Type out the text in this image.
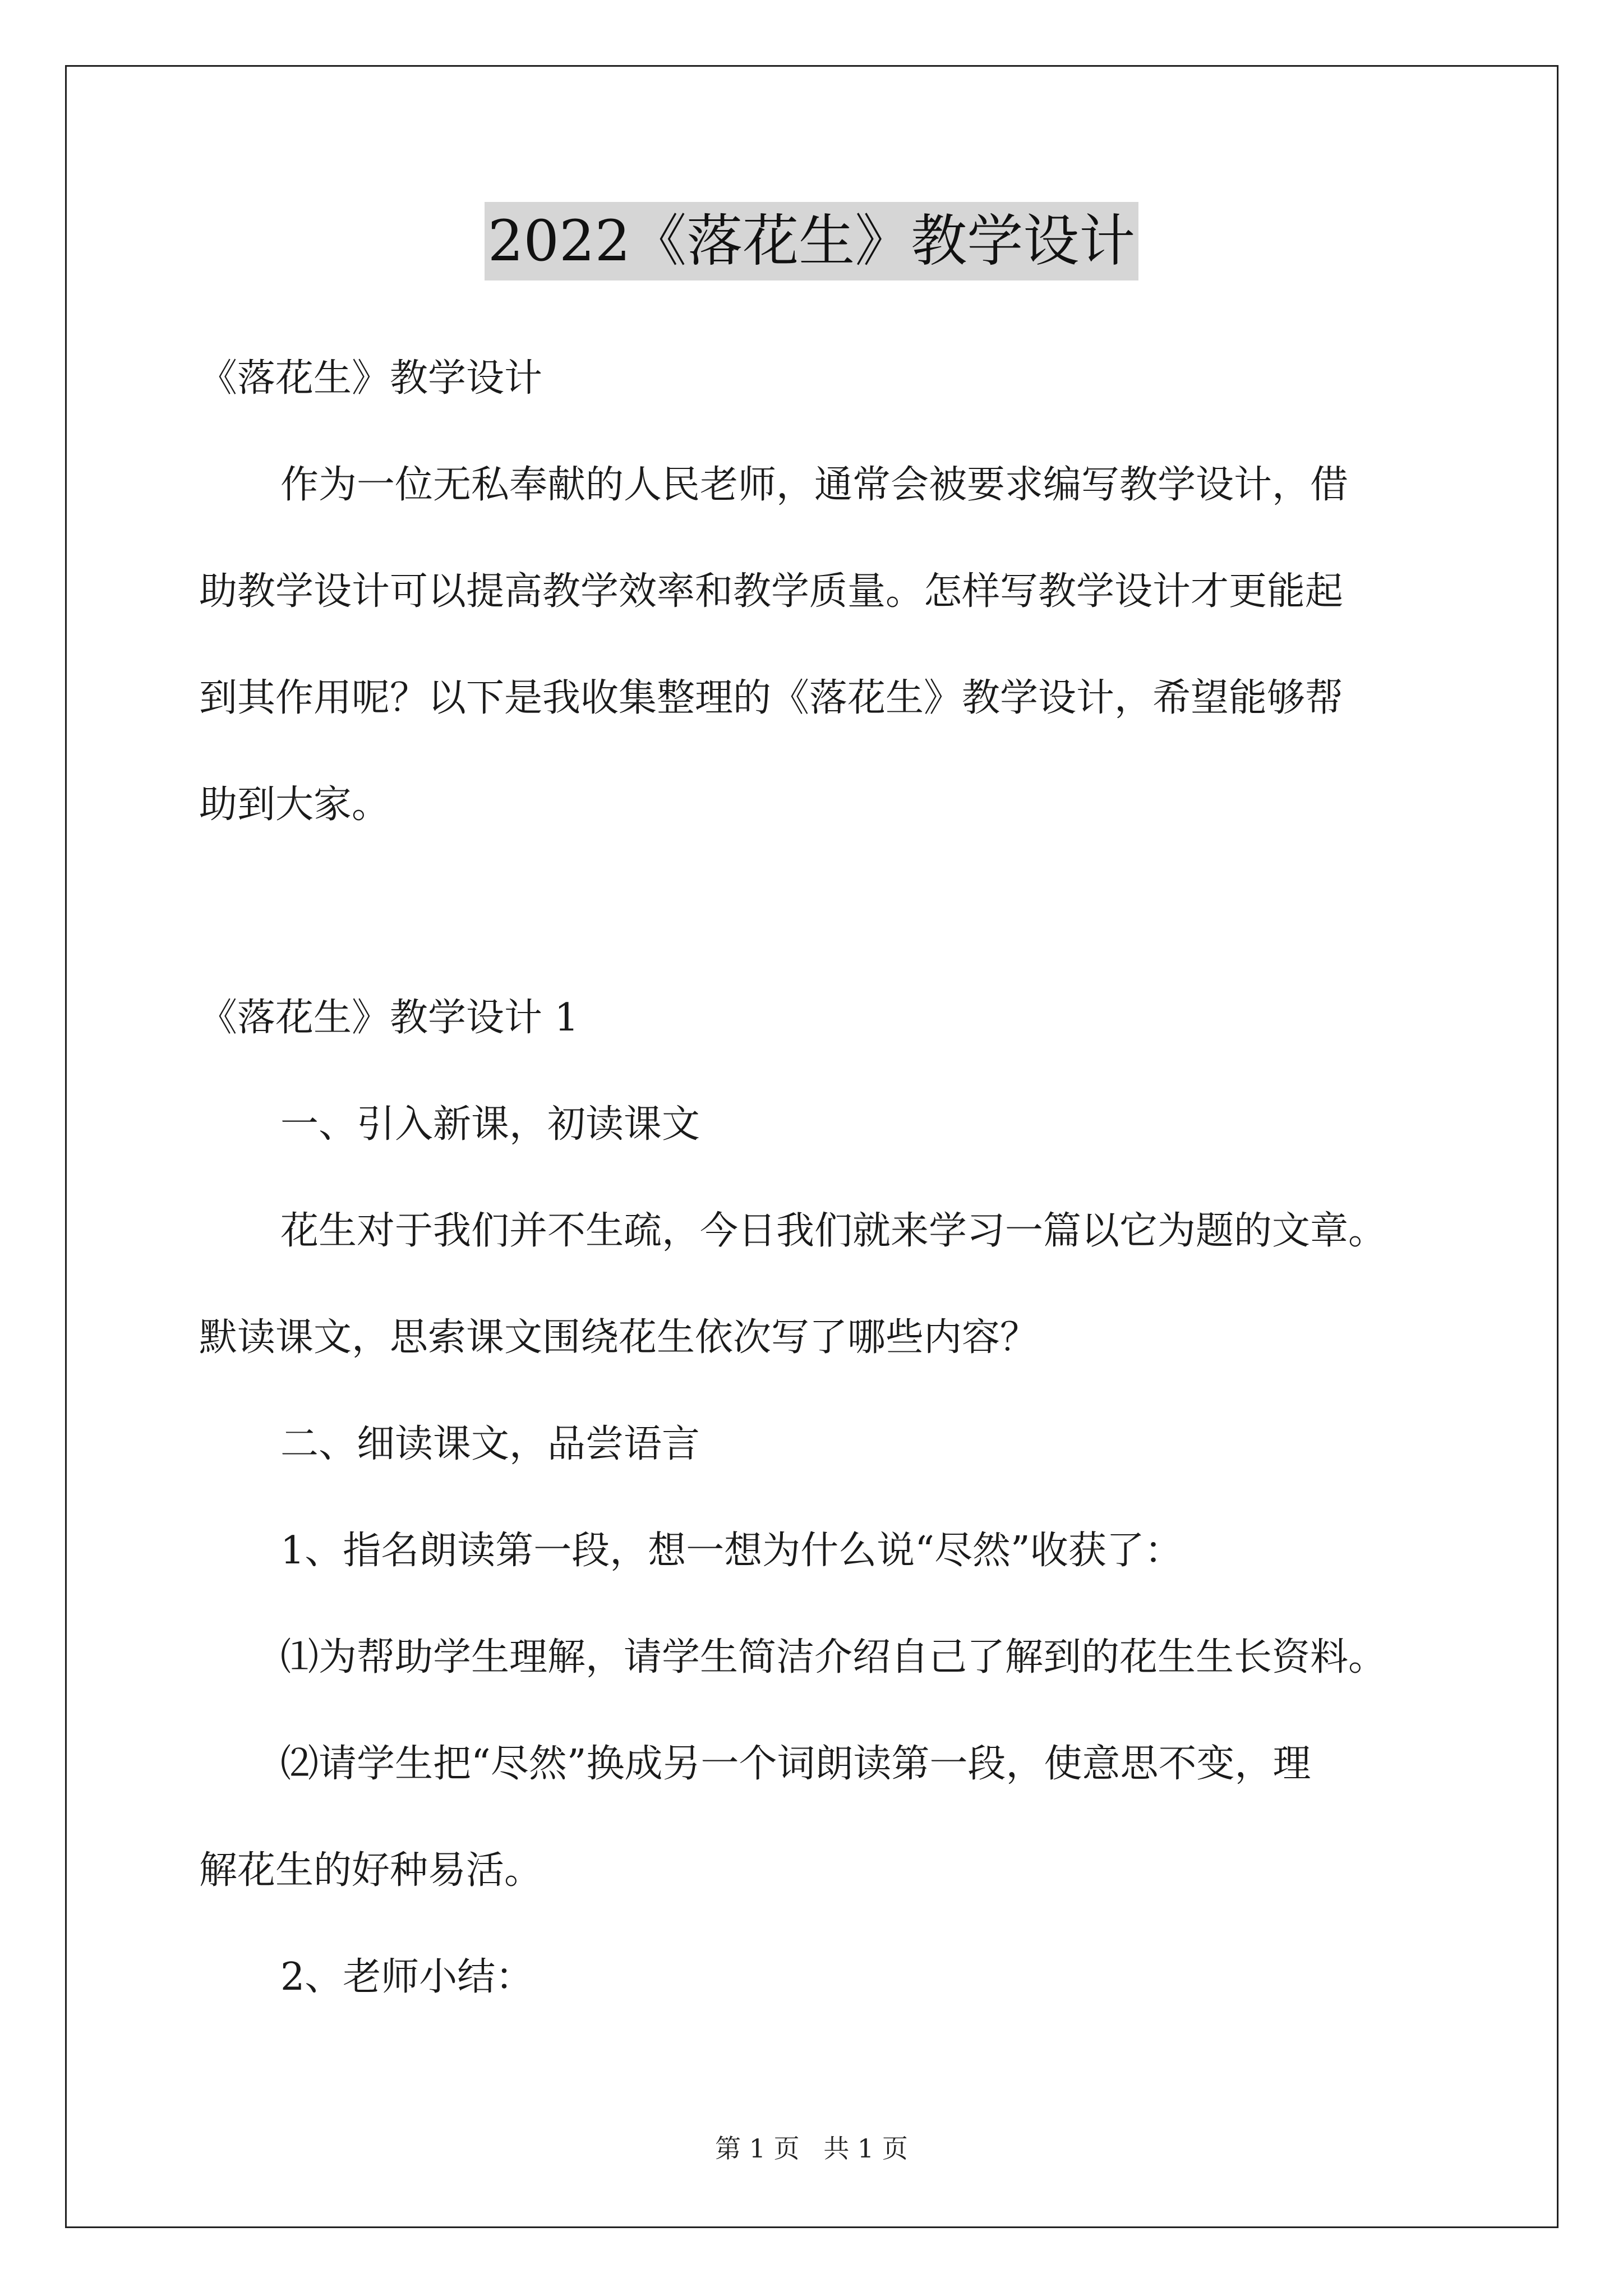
2022《落花生》教学设计
《落花生》教学设计
作为一位无私奉献的人民老师，通常会被要求编写教学设计，借
助教学设计可以提高教学效率和教学质量。怎样写教学设计才更能起
到其作用呢？以下是我收集整理的《落花生》教学设计，希望能够帮
助到大家。
《落花生》教学设计 1
一、引入新课，初读课文
花生对于我们并不生疏，今日我们就来学习一篇以它为题的文章。
默读课文，思索课文围绕花生依次写了哪些内容？
二、细读课文，品尝语言
1、指名朗读第一段，想一想为什么说“尽然”收获了：
⑴为帮助学生理解，请学生简洁介绍自己了解到的花生生长资料。
⑵请学生把“尽然”换成另一个词朗读第一段，使意思不变，理
解花生的好种易活。
2、老师小结：
第 1 页 共 1 页
